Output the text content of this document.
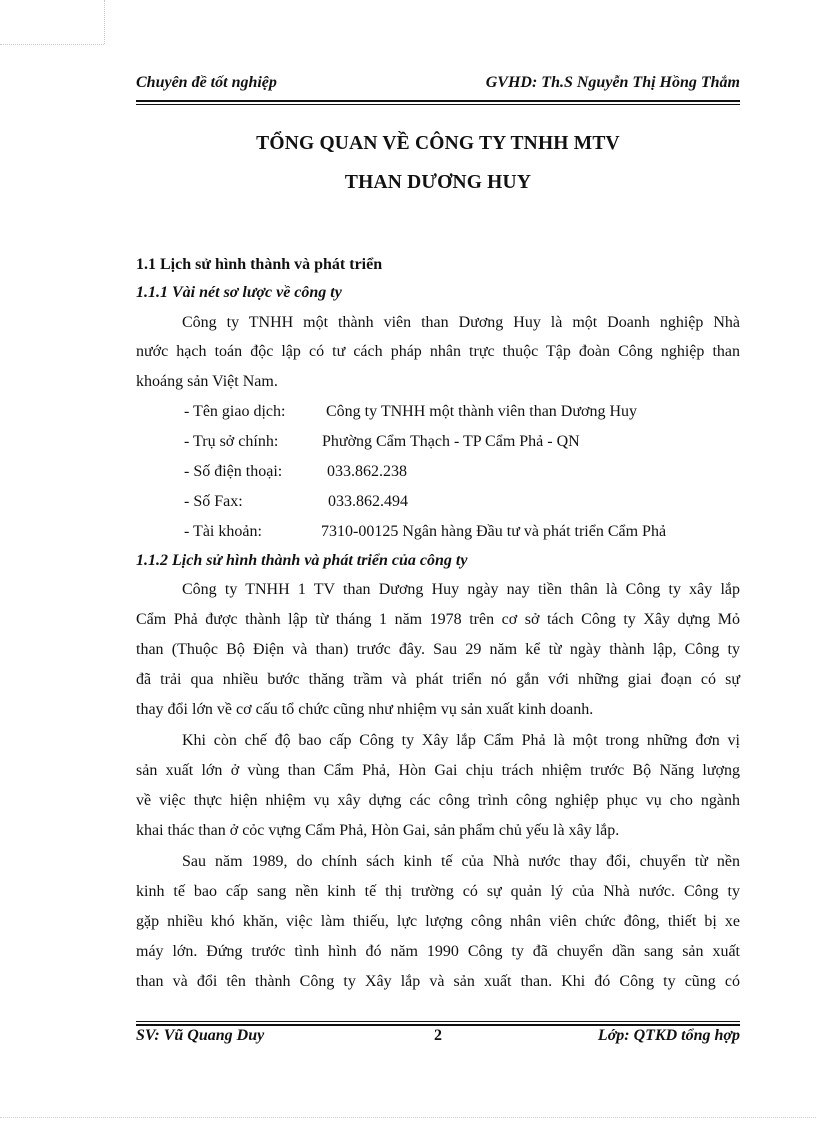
Chuyên đề tốt nghiệp	GVHD: Th.S Nguyễn Thị Hồng Thắm
TỔNG QUAN VỀ CÔNG TY TNHH MTV
THAN DƯƠNG HUY
1.1 Lịch sử hình thành và phát triển
1.1.1 Vài nét sơ lược về công ty
Công ty TNHH một thành viên than Dương Huy là một Doanh nghiệp Nhà
nước hạch toán độc lập có tư cách pháp nhân trực thuộc Tập đoàn Công nghiệp than
khoáng sản Việt Nam.
- Tên giao dịch:	Công ty TNHH một thành viên than Dương Huy
- Trụ sở chính:	Phường Cẩm Thạch - TP Cẩm Phả - QN
- Số điện thoại:	033.862.238
- Số Fax:	033.862.494
- Tài khoản:	7310-00125 Ngân hàng Đầu tư và phát triển Cẩm Phả
1.1.2 Lịch sử hình thành và phát triển của công ty
Công ty TNHH 1 TV than Dương Huy ngày nay tiền thân là Công ty xây lắp
Cẩm Phả được thành lập từ tháng 1 năm 1978 trên cơ sở tách Công ty Xây dựng Mỏ
than (Thuộc Bộ Điện và than) trước đây. Sau 29 năm kể từ ngày thành lập, Công ty
đã trải qua nhiều bước thăng trầm và phát triển nó gắn với những giai đoạn có sự
thay đổi lớn về cơ cấu tổ chức cũng như nhiệm vụ sản xuất kinh doanh.
Khi còn chế độ bao cấp Công ty Xây lắp Cẩm Phả là một trong những đơn vị
sản xuất lớn ở vùng than Cẩm Phả, Hòn Gai chịu trách nhiệm trước Bộ Năng lượng
về việc thực hiện nhiệm vụ xây dựng các công trình công nghiệp phục vụ cho ngành
khai thác than ở cỏc vựng Cẩm Phả, Hòn Gai, sản phẩm chủ yếu là xây lắp.
Sau năm 1989, do chính sách kinh tế của Nhà nước thay đổi, chuyển từ nền
kinh tế bao cấp sang nền kinh tế thị trường có sự quản lý của Nhà nước. Công ty
gặp nhiều khó khăn, việc làm thiếu, lực lượng công nhân viên chức đông, thiết bị xe
máy lớn. Đứng trước tình hình đó năm 1990 Công ty đã chuyển dần sang sản xuất
than và đổi tên thành Công ty Xây lắp và sản xuất than. Khi đó Công ty cũng có
SV: Vũ Quang Duy	2	Lớp: QTKD tổng hợp
